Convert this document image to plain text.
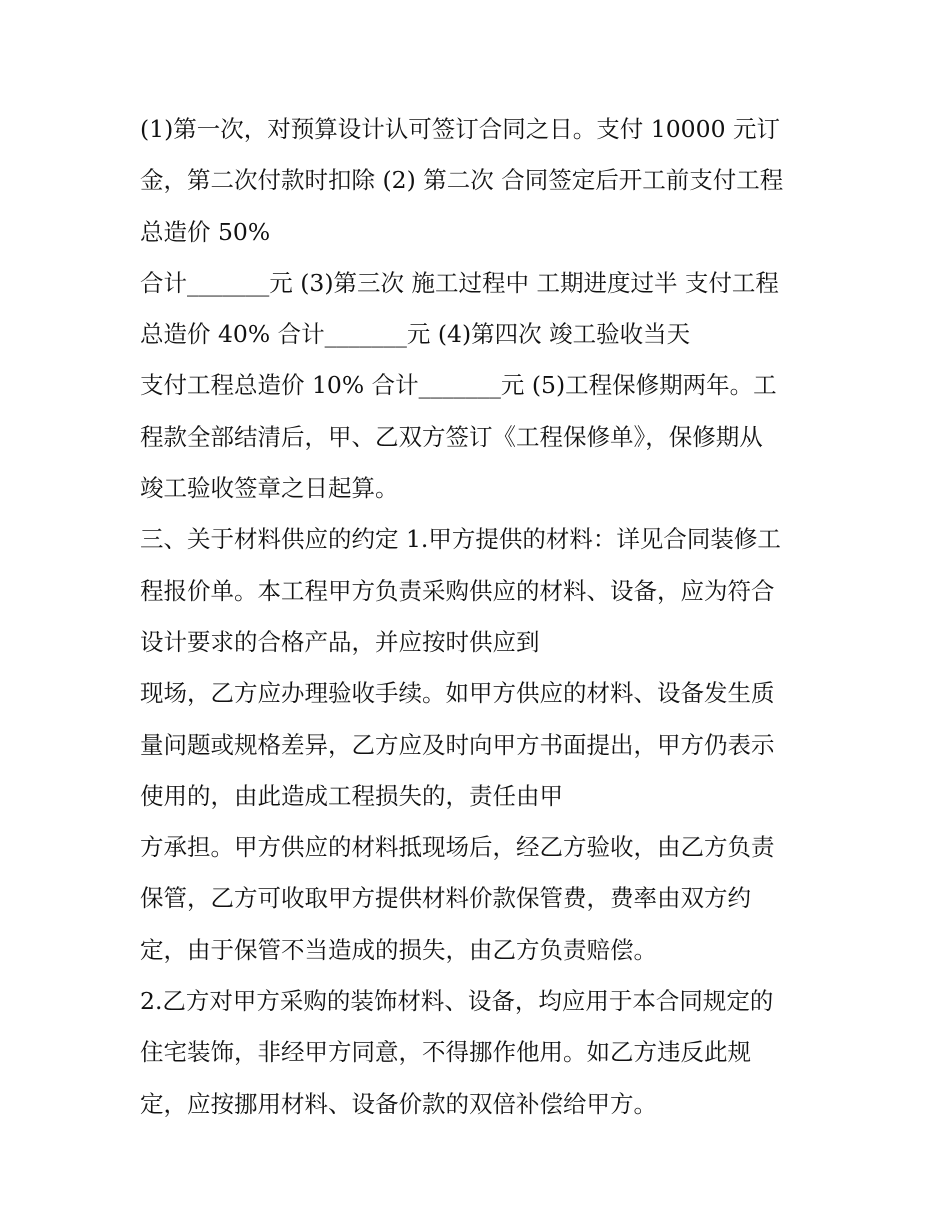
(1)第一次，对预算设计认可签订合同之日。支付 10000 元订
金，第二次付款时扣除 (2) 第二次 合同签定后开工前支付工程
总造价 50%
合计_______元 (3)第三次 施工过程中 工期进度过半 支付工程
总造价 40% 合计_______元 (4)第四次 竣工验收当天
支付工程总造价 10% 合计_______元 (5)工程保修期两年。工
程款全部结清后，甲、乙双方签订《工程保修单》，保修期从
竣工验收签章之日起算。
三、关于材料供应的约定 1.甲方提供的材料：详见合同装修工
程报价单。本工程甲方负责采购供应的材料、设备，应为符合
设计要求的合格产品，并应按时供应到
现场，乙方应办理验收手续。如甲方供应的材料、设备发生质
量问题或规格差异，乙方应及时向甲方书面提出，甲方仍表示
使用的，由此造成工程损失的，责任由甲
方承担。甲方供应的材料抵现场后，经乙方验收，由乙方负责
保管，乙方可收取甲方提供材料价款保管费，费率由双方约
定，由于保管不当造成的损失，由乙方负责赔偿。
2.乙方对甲方采购的装饰材料、设备，均应用于本合同规定的
住宅装饰，非经甲方同意，不得挪作他用。如乙方违反此规
定，应按挪用材料、设备价款的双倍补偿给甲方。
